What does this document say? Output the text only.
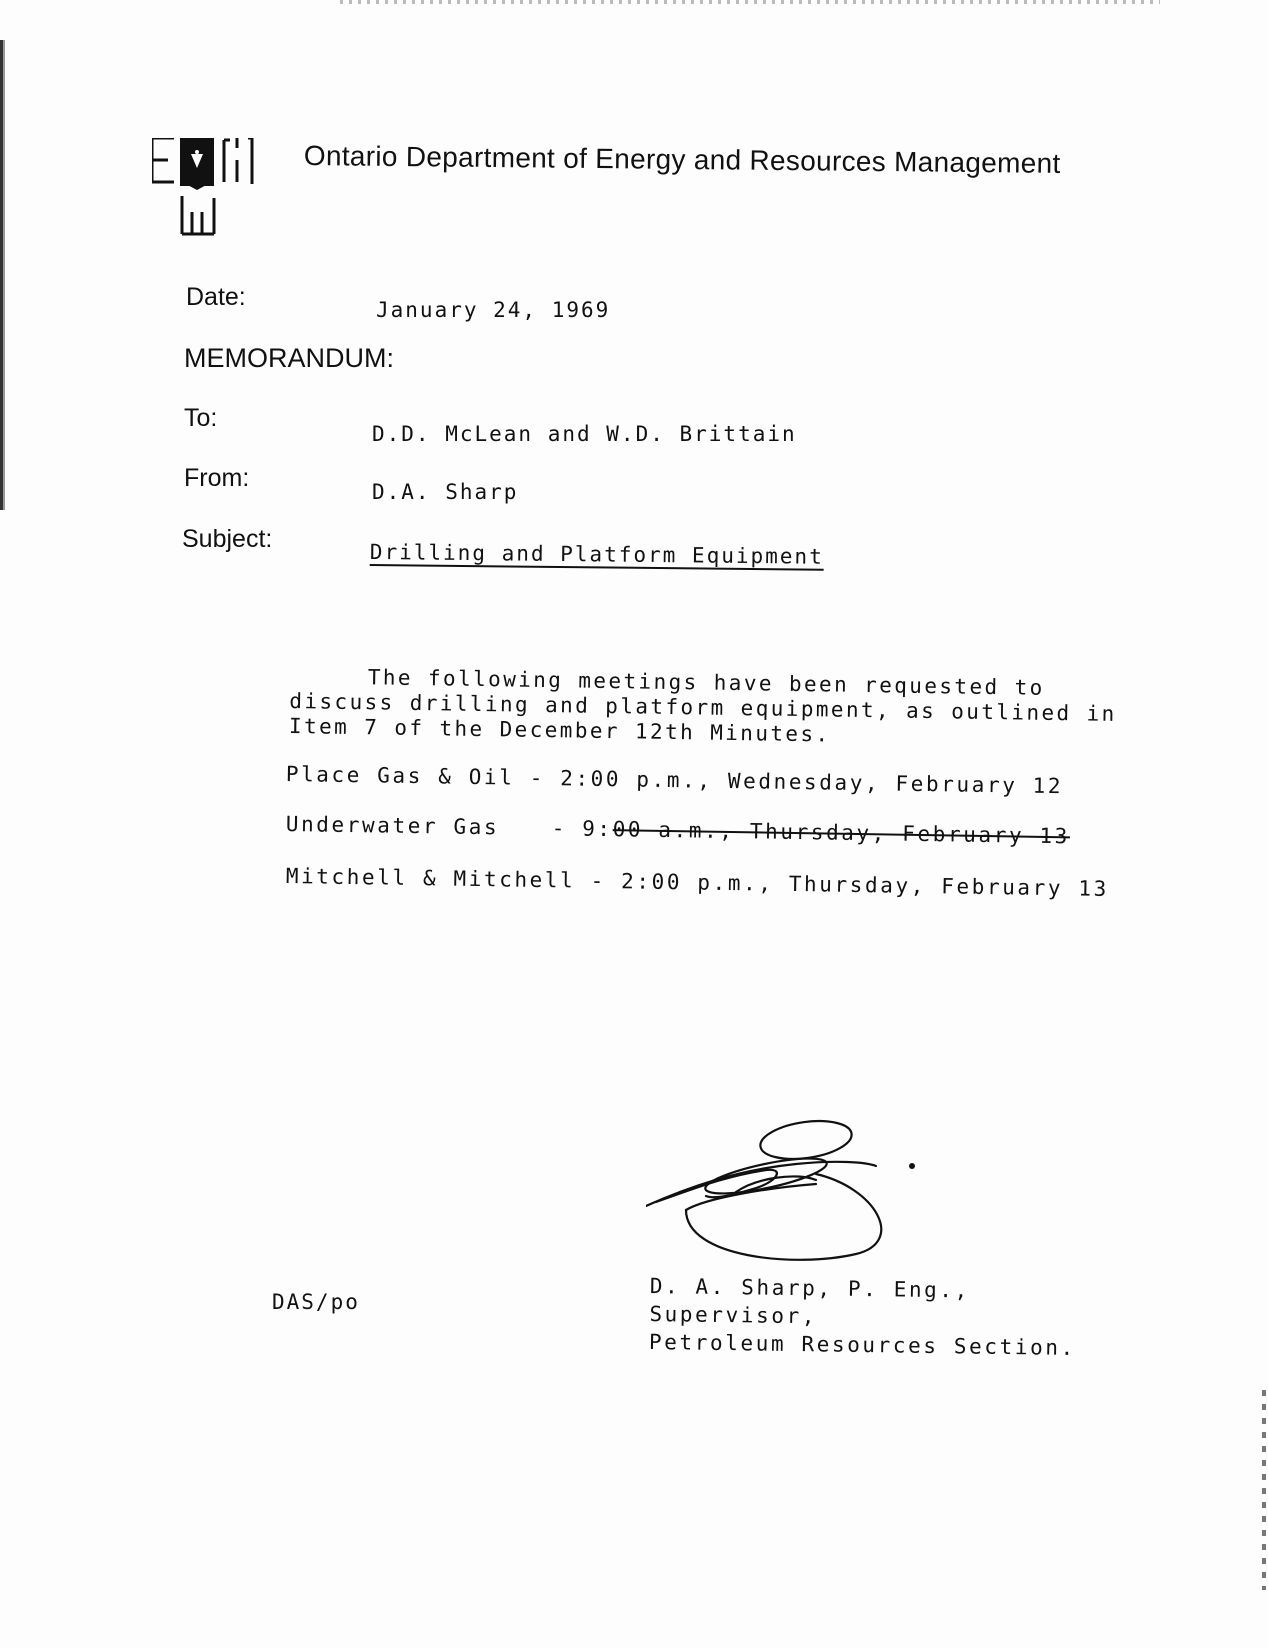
Ontario Department of Energy and Resources Management
Date:	January 24, 1969
MEMORANDUM:
To:
D.D. McLean and W.D. Brittain
From:	D.A. Sharp
Subject:
Drilling and Platform Equipment
The following meetings have been requested to discuss drilling and platform equipment, as outlined in Item 7 of the December 12th Minutes.
Place Gas & Oil - 2:00 p.m., Wednesday, February 12
Underwater Gas - 9:00 a.m., Thursday, February 13
Mitchell & Mitchell - 2:00 p.m., Thursday, February 13
D. A. Sharp, P. Eng.,
Supervisor,
Petroleum Resources Section.
DAS/po
